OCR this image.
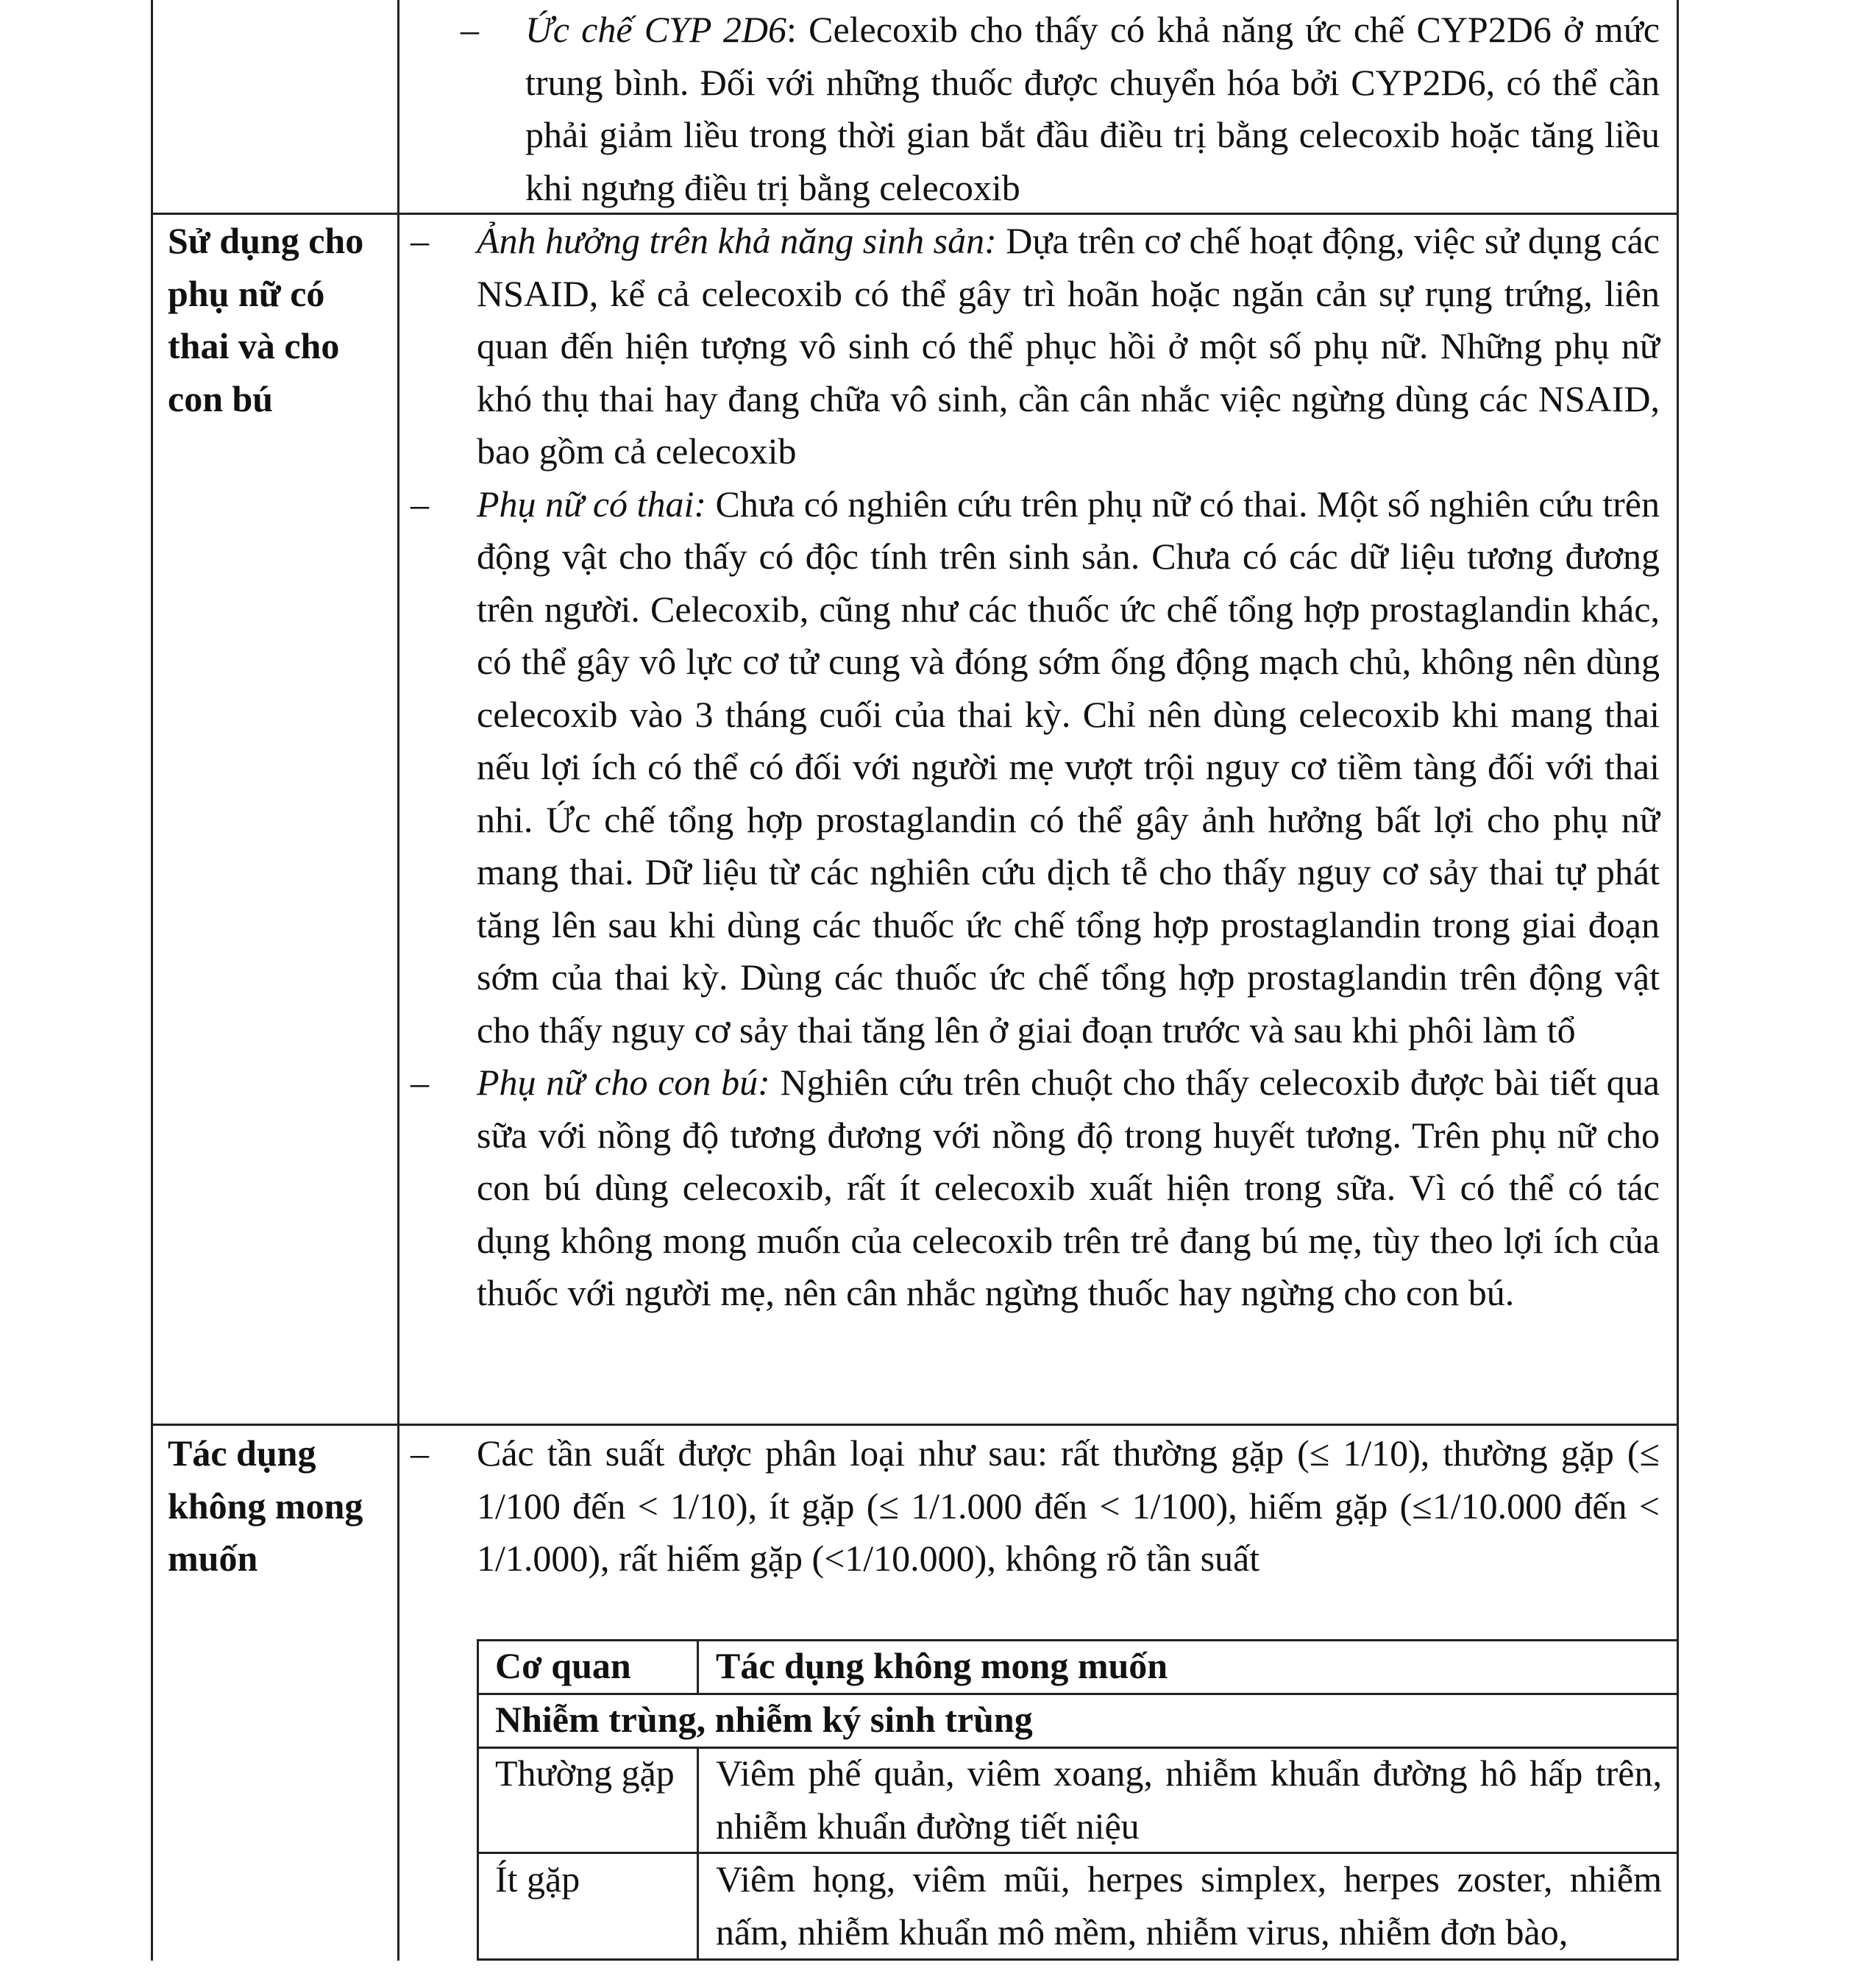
– Ức chế CYP 2D6: Celecoxib cho thấy có khả năng ức chế CYP2D6 ở mức trung bình. Đối với những thuốc được chuyển hóa bởi CYP2D6, có thể cần phải giảm liều trong thời gian bắt đầu điều trị bằng celecoxib hoặc tăng liều khi ngưng điều trị bằng celecoxib
Sử dụng cho phụ nữ có thai và cho con bú
– Ảnh hưởng trên khả năng sinh sản: Dựa trên cơ chế hoạt động, việc sử dụng các NSAID, kể cả celecoxib có thể gây trì hoãn hoặc ngăn cản sự rụng trứng, liên quan đến hiện tượng vô sinh có thể phục hồi ở một số phụ nữ. Những phụ nữ khó thụ thai hay đang chữa vô sinh, cần cân nhắc việc ngừng dùng các NSAID, bao gồm cả celecoxib
– Phụ nữ có thai: Chưa có nghiên cứu trên phụ nữ có thai. Một số nghiên cứu trên động vật cho thấy có độc tính trên sinh sản. Chưa có các dữ liệu tương đương trên người. Celecoxib, cũng như các thuốc ức chế tổng hợp prostaglandin khác, có thể gây vô lực cơ tử cung và đóng sớm ống động mạch chủ, không nên dùng celecoxib vào 3 tháng cuối của thai kỳ. Chỉ nên dùng celecoxib khi mang thai nếu lợi ích có thể có đối với người mẹ vượt trội nguy cơ tiềm tàng đối với thai nhi. Ức chế tổng hợp prostaglandin có thể gây ảnh hưởng bất lợi cho phụ nữ mang thai. Dữ liệu từ các nghiên cứu dịch tễ cho thấy nguy cơ sảy thai tự phát tăng lên sau khi dùng các thuốc ức chế tổng hợp prostaglandin trong giai đoạn sớm của thai kỳ. Dùng các thuốc ức chế tổng hợp prostaglandin trên động vật cho thấy nguy cơ sảy thai tăng lên ở giai đoạn trước và sau khi phôi làm tổ
– Phụ nữ cho con bú: Nghiên cứu trên chuột cho thấy celecoxib được bài tiết qua sữa với nồng độ tương đương với nồng độ trong huyết tương. Trên phụ nữ cho con bú dùng celecoxib, rất ít celecoxib xuất hiện trong sữa. Vì có thể có tác dụng không mong muốn của celecoxib trên trẻ đang bú mẹ, tùy theo lợi ích của thuốc với người mẹ, nên cân nhắc ngừng thuốc hay ngừng cho con bú.
Tác dụng không mong muốn
– Các tần suất được phân loại như sau: rất thường gặp (≤ 1/10), thường gặp (≤ 1/100 đến < 1/10), ít gặp (≤ 1/1.000 đến < 1/100), hiếm gặp (≤1/10.000 đến < 1/1.000), rất hiếm gặp (<1/10.000), không rõ tần suất
Cơ quan Tác dụng không mong muốn
Nhiễm trùng, nhiễm ký sinh trùng
Thường gặp Viêm phế quản, viêm xoang, nhiễm khuẩn đường hô hấp trên, nhiễm khuẩn đường tiết niệu
Ít gặp	Viêm họng, viêm mũi, herpes simplex, herpes zoster, nhiễm nấm, nhiễm khuẩn mô mềm, nhiễm virus, nhiễm đơn bào,
